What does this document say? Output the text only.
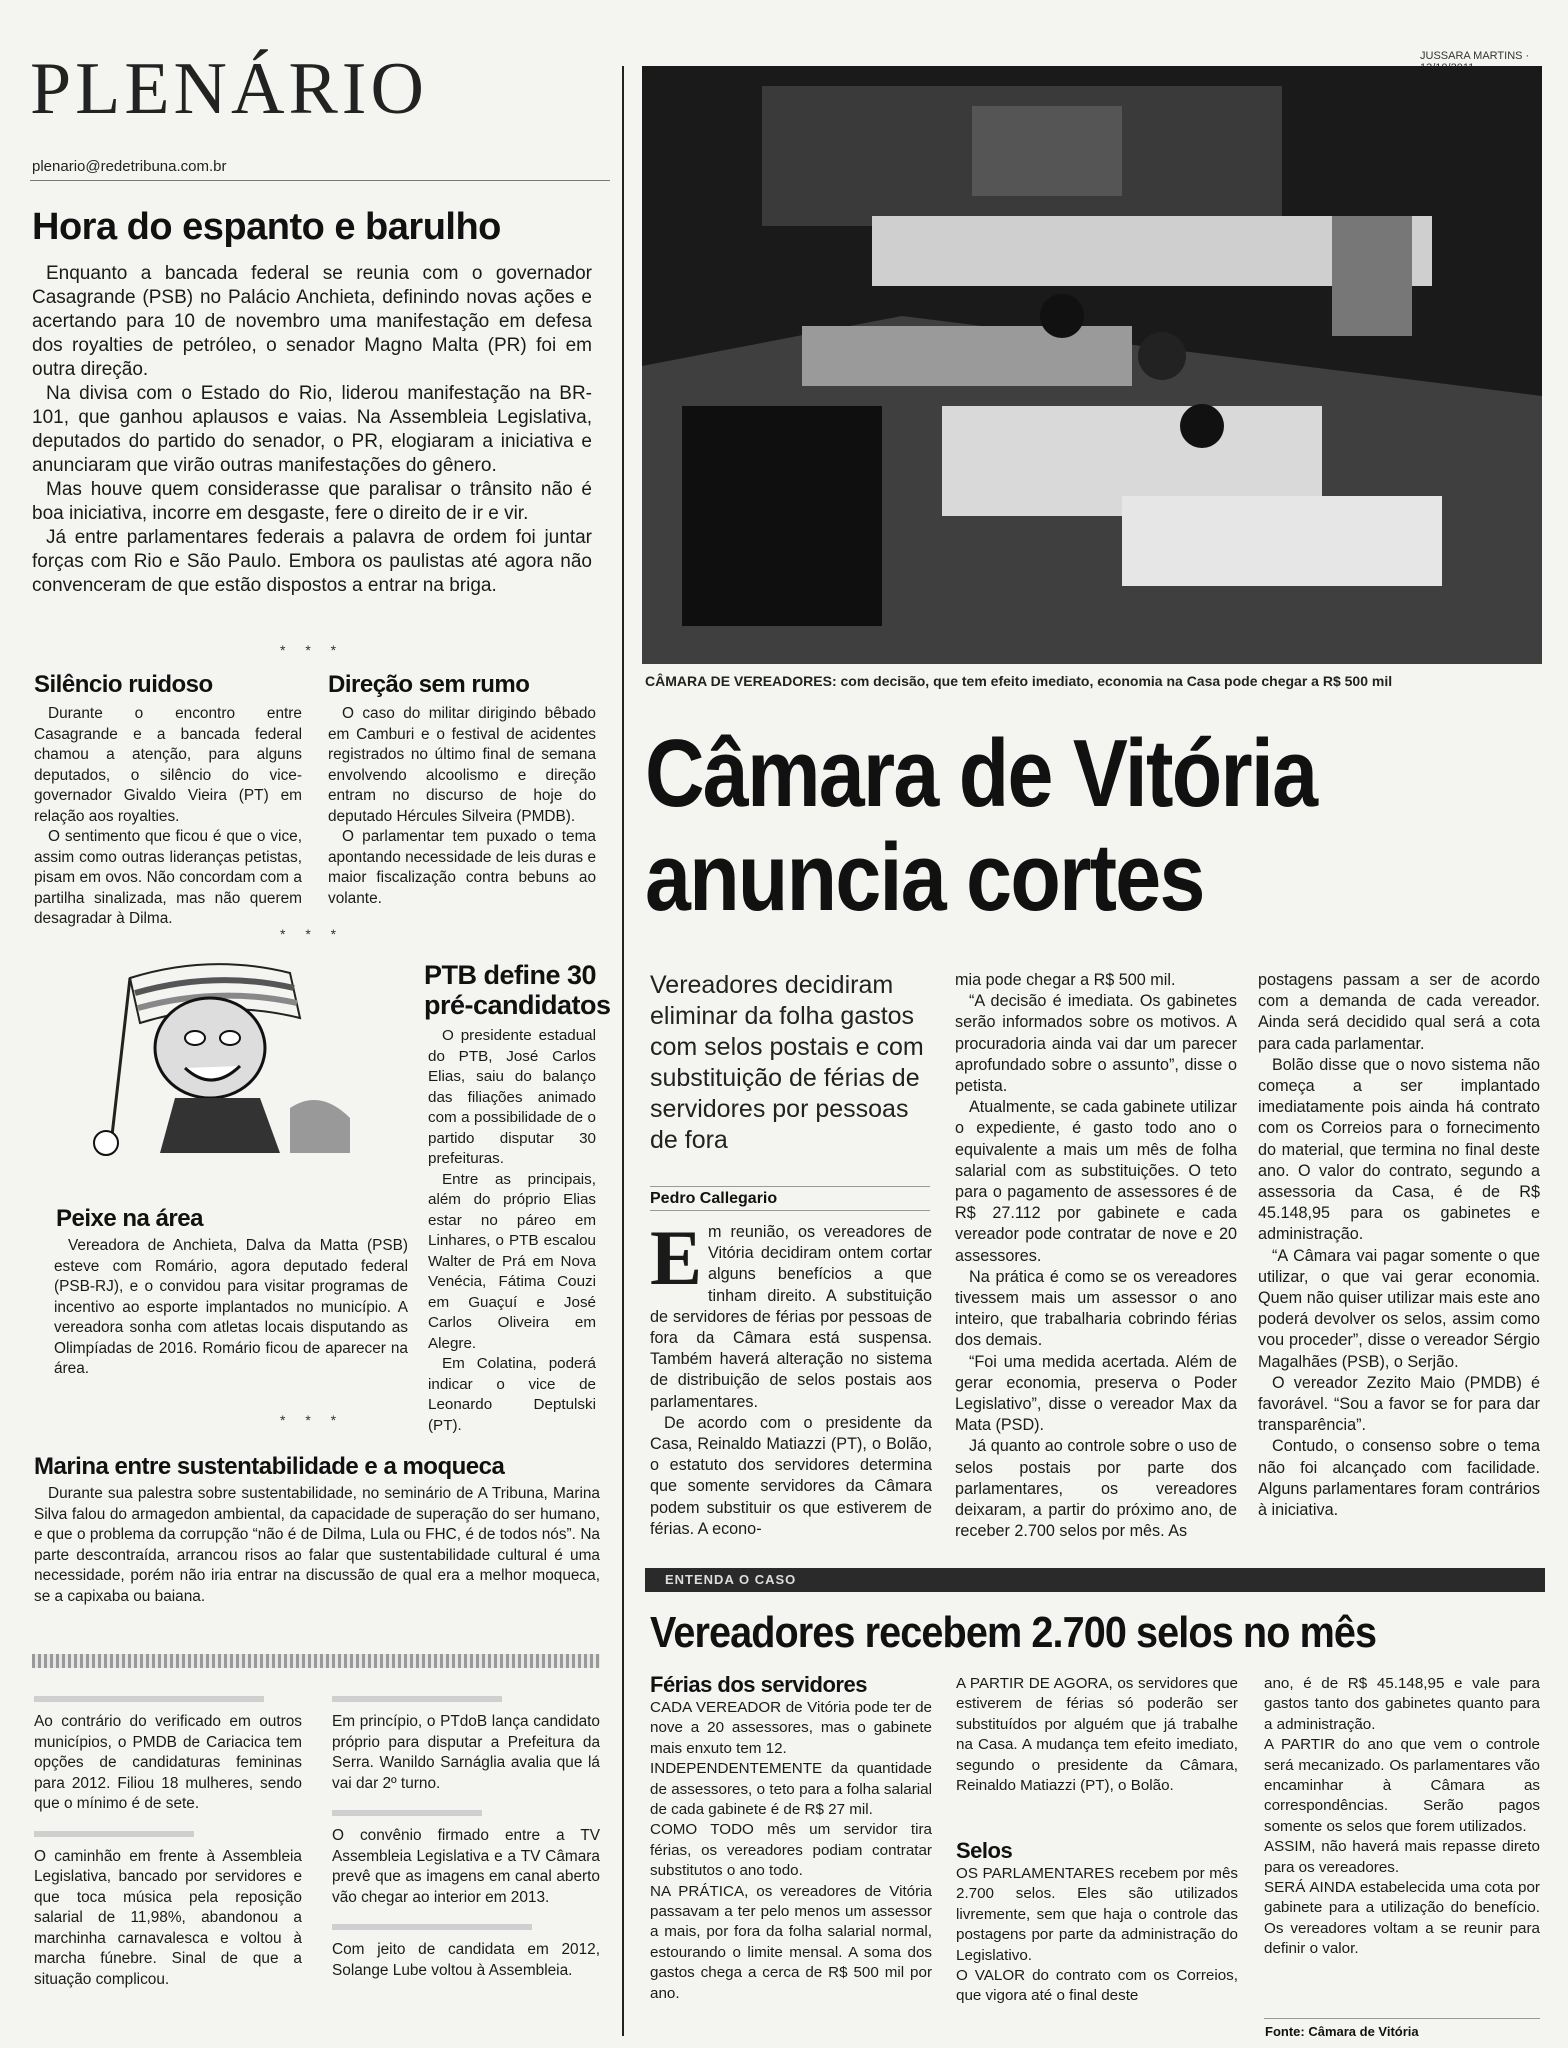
PLENÁRIO
plenario@redetribuna.com.br
Hora do espanto e barulho

Enquanto a bancada federal se reunia com o governador Casagrande (PSB) no Palácio Anchieta, definindo novas ações e acertando para 10 de novembro uma manifestação em defesa dos royalties de petróleo, o senador Magno Malta (PR) foi em outra direção.

Na divisa com o Estado do Rio, liderou manifestação na BR-101, que ganhou aplausos e vaias. Na Assembleia Legislativa, deputados do partido do senador, o PR, elogiaram a iniciativa e anunciaram que virão outras manifestações do gênero.

Mas houve quem considerasse que paralisar o trânsito não é boa iniciativa, incorre em desgaste, fere o direito de ir e vir.

Já entre parlamentares federais a palavra de ordem foi juntar forças com Rio e São Paulo. Embora os paulistas até agora não convenceram de que estão dispostos a entrar na briga.

* * *
Silêncio ruidoso

Durante o encontro entre Casagrande e a bancada federal chamou a atenção, para alguns deputados, o silêncio do vice-governador Givaldo Vieira (PT) em relação aos royalties.

O sentimento que ficou é que o vice, assim como outras lideranças petistas, pisam em ovos. Não concordam com a partilha sinalizada, mas não querem desagradar à Dilma.

Direção sem rumo

O caso do militar dirigindo bêbado em Camburi e o festival de acidentes registrados no último final de semana envolvendo alcoolismo e direção entram no discurso de hoje do deputado Hércules Silveira (PMDB).

O parlamentar tem puxado o tema apontando necessidade de leis duras e maior fiscalização contra bebuns ao volante.

* * *
PTB define 30
pré-candidatos

O presidente estadual do PTB, José Carlos Elias, saiu do balanço das filiações animado com a possibilidade de o partido disputar 30 prefeituras.

Entre as principais, além do próprio Elias estar no páreo em Linhares, o PTB escalou Walter de Prá em Nova Venécia, Fátima Couzi em Guaçuí e José Carlos Oliveira em Alegre.

Em Colatina, poderá indicar o vice de Leonardo Deptulski (PT).

Peixe na área

Vereadora de Anchieta, Dalva da Matta (PSB) esteve com Romário, agora deputado federal (PSB-RJ), e o convidou para visitar programas de incentivo ao esporte implantados no município. A vereadora sonha com atletas locais disputando as Olimpíadas de 2016. Romário ficou de aparecer na área.

* * *
Marina entre sustentabilidade e a moqueca

Durante sua palestra sobre sustentabilidade, no seminário de A Tribuna, Marina Silva falou do armagedon ambiental, da capacidade de superação do ser humano, e que o problema da corrupção “não é de Dilma, Lula ou FHC, é de todos nós”. Na parte descontraída, arrancou risos ao falar que sustentabilidade cultural é uma necessidade, porém não iria entrar na discussão de qual era a melhor moqueca, se a capixaba ou baiana.

Ao contrário do verificado em outros municípios, o PMDB de Cariacica tem opções de candidaturas femininas para 2012. Filiou 18 mulheres, sendo que o mínimo é de sete.

O caminhão em frente à Assembleia Legislativa, bancado por servidores e que toca música pela reposição salarial de 11,98%, abandonou a marchinha carnavalesca e voltou à marcha fúnebre. Sinal de que a situação complicou.

Em princípio, o PTdoB lança candidato próprio para disputar a Prefeitura da Serra. Wanildo Sarnáglia avalia que lá vai dar 2º turno.

O convênio firmado entre a TV Assembleia Legislativa e a TV Câmara prevê que as imagens em canal aberto vão chegar ao interior em 2013.

Com jeito de candidata em 2012, Solange Lube voltou à Assembleia.

JUSSARA MARTINS ·
CÂMARA DE VEREADORES: com decisão, que tem efeito imediato, economia na Casa pode chegar a R$ 500 mil
Câmara de Vitória
anuncia cortes
Vereadores decidiram eliminar da folha gastos com selos postais e com substituição de férias de servidores por pessoas de fora
Pedro Callegario
E m reunião, os vereadores de Vitória decidiram ontem cortar alguns benefícios a que tinham direito. A substituição de servidores de férias por pessoas de fora da Câmara está suspensa. Também haverá alteração no sistema de distribuição de selos postais aos parlamentares.

De acordo com o presidente da Casa, Reinaldo Matiazzi (PT), o Bolão, o estatuto dos servidores determina que somente servidores da Câmara podem substituir os que estiverem de férias. A econo-

mia pode chegar a R$ 500 mil.

“A decisão é imediata. Os gabinetes serão informados sobre os motivos. A procuradoria ainda vai dar um parecer aprofundado sobre o assunto”, disse o petista.

Atualmente, se cada gabinete utilizar o expediente, é gasto todo ano o equivalente a mais um mês de folha salarial com as substituições. O teto para o pagamento de assessores é de R$ 27.112 por gabinete e cada vereador pode contratar de nove e 20 assessores.

Na prática é como se os vereadores tivessem mais um assessor o ano inteiro, que trabalharia cobrindo férias dos demais.

“Foi uma medida acertada. Além de gerar economia, preserva o Poder Legislativo”, disse o vereador Max da Mata (PSD).

Já quanto ao controle sobre o uso de selos postais por parte dos parlamentares, os vereadores deixaram, a partir do próximo ano, de receber 2.700 selos por mês. As

postagens passam a ser de acordo com a demanda de cada vereador. Ainda será decidido qual será a cota para cada parlamentar.

Bolão disse que o novo sistema não começa a ser implantado imediatamente pois ainda há contrato com os Correios para o fornecimento do material, que termina no final deste ano. O valor do contrato, segundo a assessoria da Casa, é de R$ 45.148,95 para os gabinetes e administração.

“A Câmara vai pagar somente o que utilizar, o que vai gerar economia. Quem não quiser utilizar mais este ano poderá devolver os selos, assim como vou proceder”, disse o vereador Sérgio Magalhães (PSB), o Serjão.

O vereador Zezito Maio (PMDB) é favorável. “Sou a favor se for para dar transparência”.

Contudo, o consenso sobre o tema não foi alcançado com facilidade. Alguns parlamentares foram contrários à iniciativa.

ENTENDA O CASO
Vereadores recebem 2.700 selos no mês
Férias dos servidores

CADA VEREADOR de Vitória pode ter de nove a 20 assessores, mas o gabinete mais enxuto tem 12.

INDEPENDENTEMENTE da quantidade de assessores, o teto para a folha salarial de cada gabinete é de R$ 27 mil.

COMO TODO mês um servidor tira férias, os vereadores podiam contratar substitutos o ano todo.

NA PRÁTICA, os vereadores de Vitória passavam a ter pelo menos um assessor a mais, por fora da folha salarial normal, estourando o limite mensal. A soma dos gastos chega a cerca de R$ 500 mil por ano.

A PARTIR DE AGORA, os servidores que estiverem de férias só poderão ser substituídos por alguém que já trabalhe na Casa. A mudança tem efeito imediato, segundo o presidente da Câmara, Reinaldo Matiazzi (PT), o Bolão.

Selos

OS PARLAMENTARES recebem por mês 2.700 selos. Eles são utilizados livremente, sem que haja o controle das postagens por parte da administração do Legislativo.

O VALOR do contrato com os Correios, que vigora até o final deste

ano, é de R$ 45.148,95 e vale para gastos tanto dos gabinetes quanto para a administração.

A PARTIR do ano que vem o controle será mecanizado. Os parlamentares vão encaminhar à Câmara as correspondências. Serão pagos somente os selos que forem utilizados.

ASSIM, não haverá mais repasse direto para os vereadores.

SERÁ AINDA estabelecida uma cota por gabinete para a utilização do benefício. Os vereadores voltam a se reunir para definir o valor.

Fonte: Câmara de Vitória
